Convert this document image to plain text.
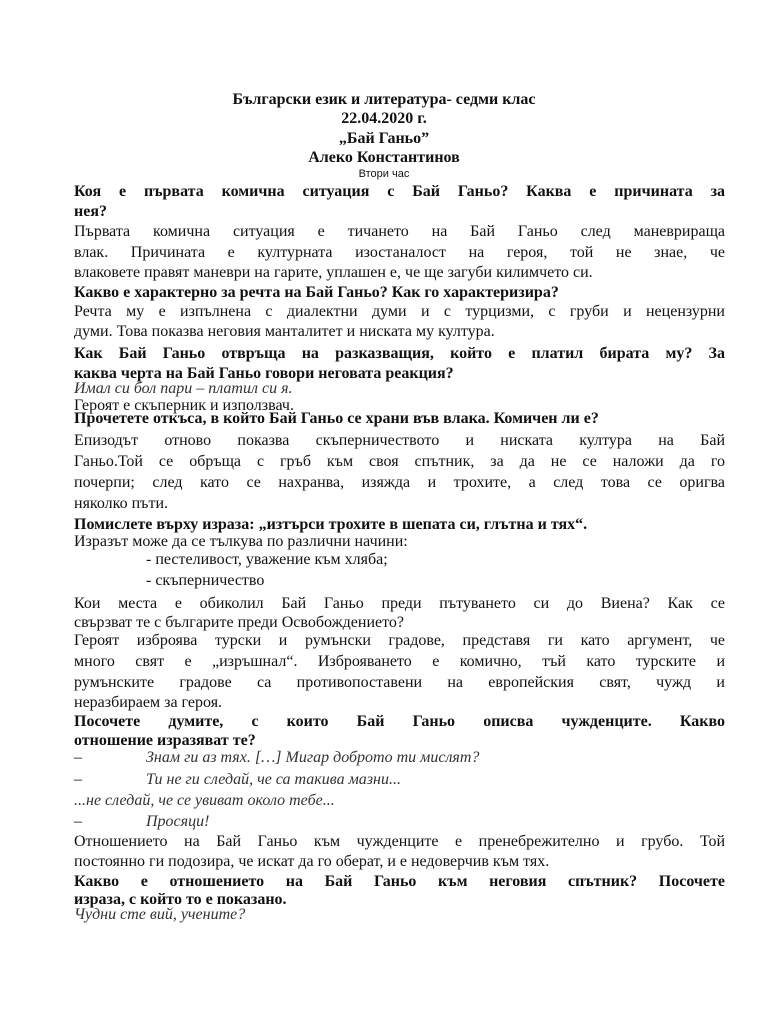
Български език и литература- седми клас
22.04.2020 г.
„Бай Ганьо”
Алеко Константинов
Втори час
Коя е първата комична ситуация с Бай Ганьо? Каква е причината за
нея?
Първата комична ситуация е тичането на Бай Ганьо след маневрираща
влак. Причината е културната изостаналост на героя, той не знае, че
влаковете правят маневри на гарите, уплашен е, че ще загуби килимчето си.
Какво е характерно за речта на Бай Ганьо? Как го характеризира?
Речта му е изпълнена с диалектни думи и с турцизми, с груби и нецензурни
думи. Това показва неговия манталитет и ниската му култура.
Как Бай Ганьо отвръща на разказващия, който е платил бирата му? За
каква черта на Бай Ганьо говори неговата реакция?
Имал си бол пари – платил си я.
Героят е скъперник и използвач.
Прочетете откъса, в който Бай Ганьо се храни във влака. Комичен ли е?
Епизодът отново показва скъперничеството и ниската култура на Бай
Ганьо.Той се обръща с гръб към своя спътник, за да не се наложи да го
почерпи; след като се нахранва, изяжда и трохите, а след това се оригва
няколко пъти.
Помислете върху израза: „изтърси трохите в шепата си, глътна и тях“.
Изразът може да се тълкува по различни начини:
- пестеливост, уважение към хляба;
- скъперничество
Кои места е обиколил Бай Ганьо преди пътуването си до Виена? Как се
свързват те с българите преди Освобождението?
Героят изброява турски и румънски градове, представя ги като аргумент, че
много свят е „изръшнал“. Изброяването е комично, тъй като турските и
румънските градове са противопоставени на европейския свят, чужд и
неразбираем за героя.
Посочете думите, с които Бай Ганьо описва чужденците. Какво
отношение изразяват те?
–	Знам ги аз тях. […] Мигар доброто ти мислят?
–	Ти не ги следай, че са такива мазни...
...не следай, че се увиват около тебе...
–	Просяци!
Отношението на Бай Ганьо към чужденците е пренебрежително и грубо. Той
постоянно ги подозира, че искат да го оберат, и е недоверчив към тях.
Какво е отношението на Бай Ганьо към неговия спътник? Посочете
израза, с който то е показано.
Чудни сте вий, учените?
